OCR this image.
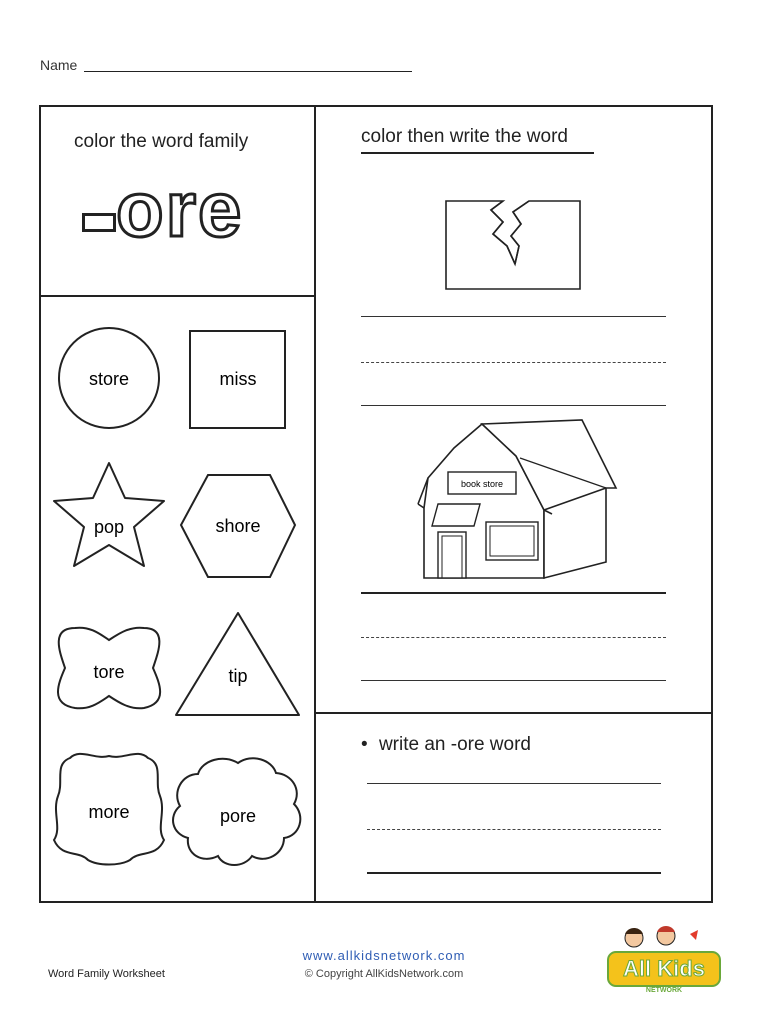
Name
color the word family
ore
store	miss
pop	shore
tore	tip
more	pore
color then write the word
book store
• write an -ore word
Word Family Worksheet
www.allkidsnetwork.com
© Copyright AllKidsNetwork.com	All Kids
NETWORK
